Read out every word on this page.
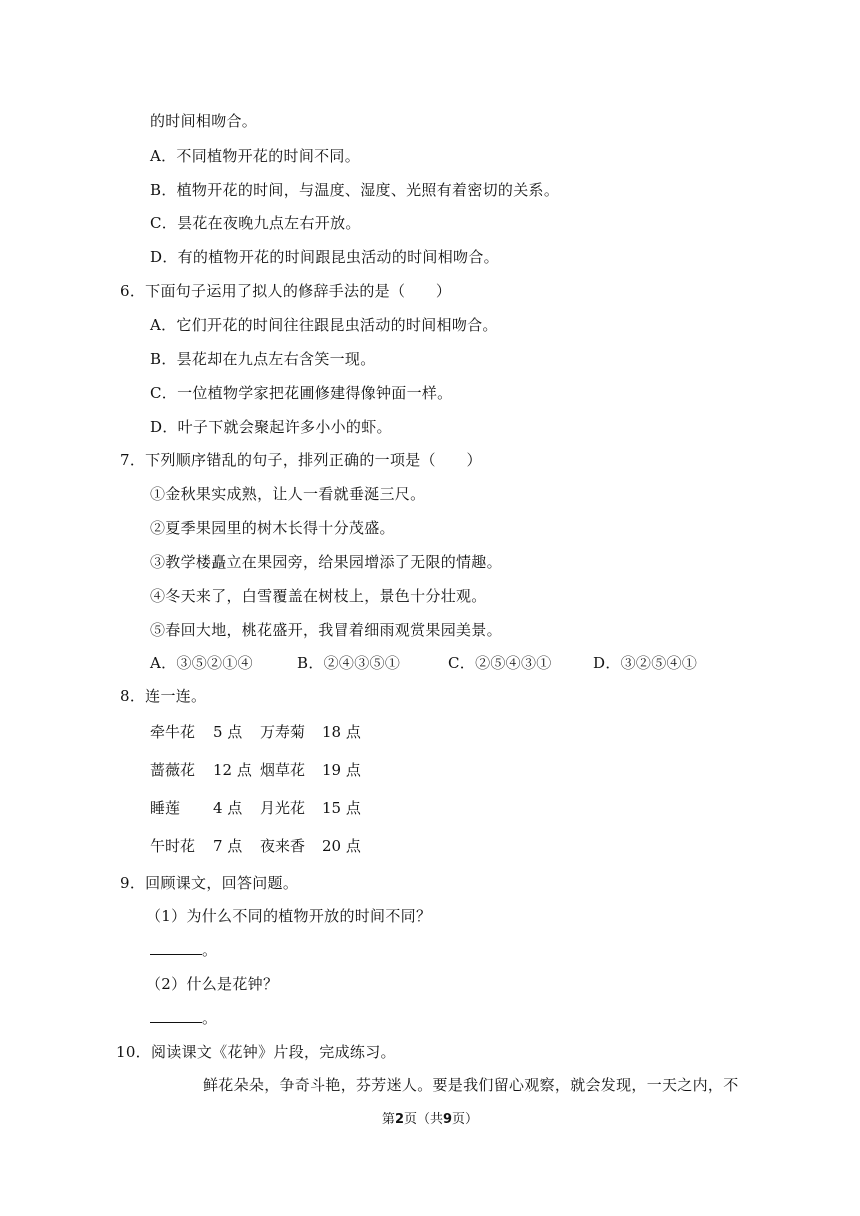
的时间相吻合。
A．不同植物开花的时间不同。
B．植物开花的时间，与温度、湿度、光照有着密切的关系。
C．昙花在夜晚九点左右开放。
D．有的植物开花的时间跟昆虫活动的时间相吻合。
6．下面句子运用了拟人的修辞手法的是（　　）
A．它们开花的时间往往跟昆虫活动的时间相吻合。
B．昙花却在九点左右含笑一现。
C．一位植物学家把花圃修建得像钟面一样。
D．叶子下就会聚起许多小小的虾。
7．下列顺序错乱的句子，排列正确的一项是（　　）
①金秋果实成熟，让人一看就垂涎三尺。
②夏季果园里的树木长得十分茂盛。
③教学楼矗立在果园旁，给果园增添了无限的情趣。
④冬天来了，白雪覆盖在树枝上，景色十分壮观。
⑤春回大地，桃花盛开，我冒着细雨观赏果园美景。
A．③⑤②①④	B．②④③⑤①	C．②⑤④③①	D．③②⑤④①
8．连一连。
牵牛花 5 点 万寿菊 18 点
蔷薇花 12 点 烟草花 19 点
睡莲 4 点 月光花 15 点
午时花 7 点 夜来香 20 点
9．回顾课文，回答问题。
（1）为什么不同的植物开放的时间不同？
。
（2）什么是花钟？
。
10．阅读课文《花钟》片段，完成练习。
鲜花朵朵，争奇斗艳，芬芳迷人。要是我们留心观察，就会发现，一天之内，不
第2页（共9页）
